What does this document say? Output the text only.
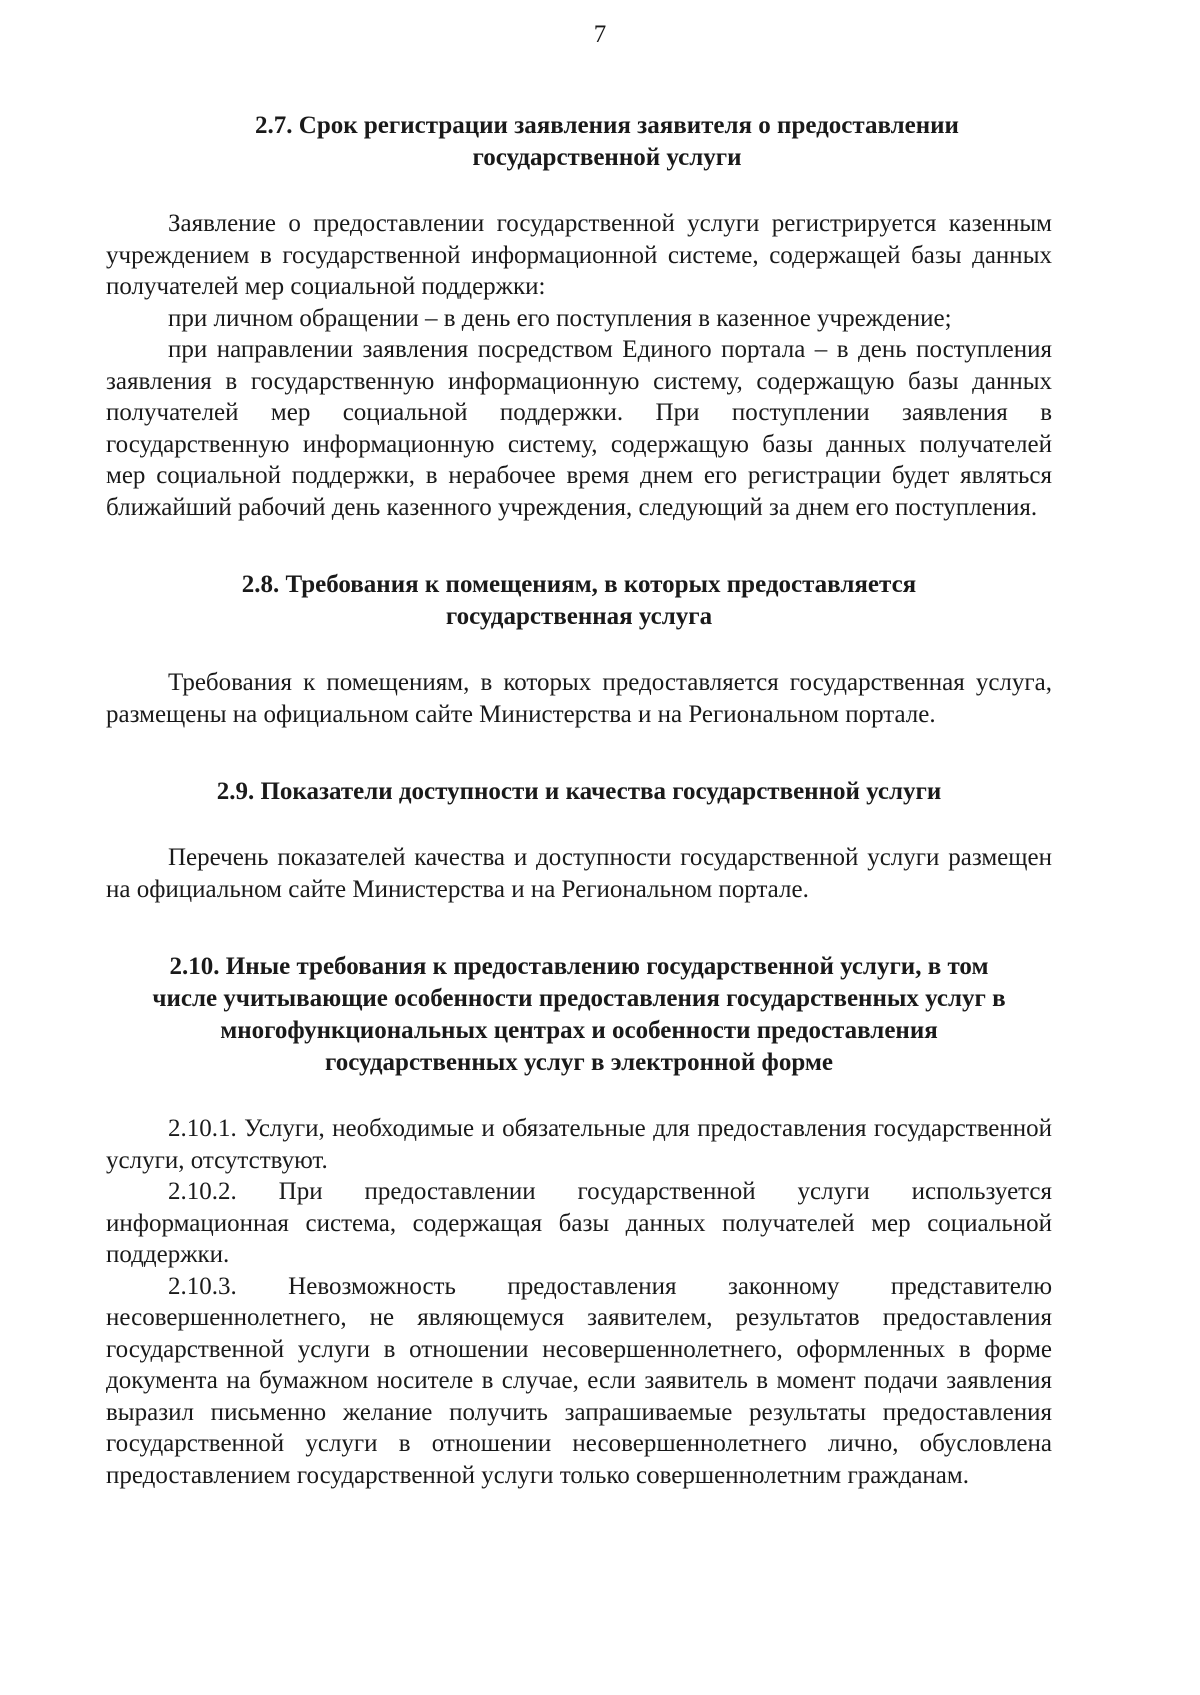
7
2.7. Срок регистрации заявления заявителя о предоставлении
государственной услуги

Заявление о предоставлении государственной услуги регистрируется казенным учреждением в государственной информационной системе, содержащей базы данных получателей мер социальной поддержки:

при личном обращении – в день его поступления в казенное учреждение;

при направлении заявления посредством Единого портала – в день поступления заявления в государственную информационную систему, содержащую базы данных получателей мер социальной поддержки. При поступлении заявления в государственную информационную систему, содержащую базы данных получателей мер социальной поддержки, в нерабочее время днем его регистрации будет являться ближайший рабочий день казенного учреждения, следующий за днем его поступления.

2.8. Требования к помещениям, в которых предоставляется
государственная услуга

Требования к помещениям, в которых предоставляется государственная услуга, размещены на официальном сайте Министерства и на Региональном портале.

2.9. Показатели доступности и качества государственной услуги

Перечень показателей качества и доступности государственной услуги размещен на официальном сайте Министерства и на Региональном портале.

2.10. Иные требования к предоставлению государственной услуги, в том
числе учитывающие особенности предоставления государственных услуг в
многофункциональных центрах и особенности предоставления
государственных услуг в электронной форме

2.10.1. Услуги, необходимые и обязательные для предоставления государственной услуги, отсутствуют.

2.10.2. При предоставлении государственной услуги используется информационная система, содержащая базы данных получателей мер социальной поддержки.

2.10.3. Невозможность предоставления законному представителю несовершеннолетнего, не являющемуся заявителем, результатов предоставления государственной услуги в отношении несовершеннолетнего, оформленных в форме документа на бумажном носителе в случае, если заявитель в момент подачи заявления выразил письменно желание получить запрашиваемые результаты предоставления государственной услуги в отношении несовершеннолетнего лично, обусловлена предоставлением государственной услуги только совершеннолетним гражданам.
